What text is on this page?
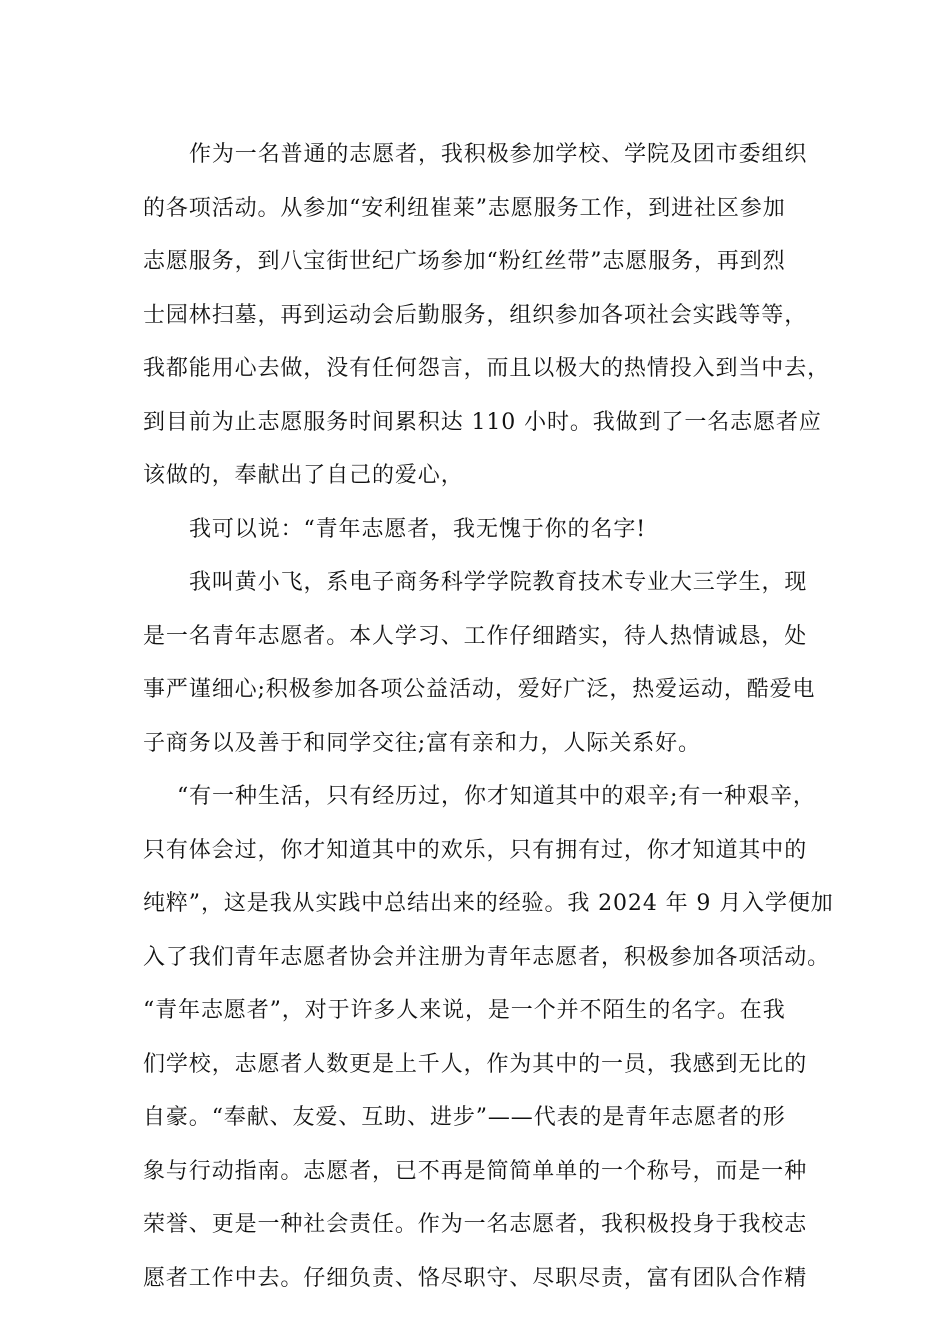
作为一名普通的志愿者，我积极参加学校、学院及团市委组织
的各项活动。从参加“安利纽崔莱”志愿服务工作，到进社区参加
志愿服务，到八宝街世纪广场参加“粉红丝带”志愿服务，再到烈
士园林扫墓，再到运动会后勤服务，组织参加各项社会实践等等，
我都能用心去做，没有任何怨言，而且以极大的热情投入到当中去，
到目前为止志愿服务时间累积达 110 小时。我做到了一名志愿者应
该做的，奉献出了自己的爱心，
我可以说：“青年志愿者，我无愧于你的名字!
我叫黄小飞，系电子商务科学学院教育技术专业大三学生，现
是一名青年志愿者。本人学习、工作仔细踏实，待人热情诚恳，处
事严谨细心;积极参加各项公益活动，爱好广泛，热爱运动，酷爱电
子商务以及善于和同学交往;富有亲和力，人际关系好。
“有一种生活，只有经历过，你才知道其中的艰辛;有一种艰辛，
只有体会过，你才知道其中的欢乐，只有拥有过，你才知道其中的
纯粹”，这是我从实践中总结出来的经验。我 2024 年 9 月入学便加
入了我们青年志愿者协会并注册为青年志愿者，积极参加各项活动。
“青年志愿者”，对于许多人来说，是一个并不陌生的名字。在我
们学校，志愿者人数更是上千人，作为其中的一员，我感到无比的
自豪。“奉献、友爱、互助、进步”——代表的是青年志愿者的形
象与行动指南。志愿者，已不再是简简单单的一个称号，而是一种
荣誉、更是一种社会责任。作为一名志愿者，我积极投身于我校志
愿者工作中去。仔细负责、恪尽职守、尽职尽责，富有团队合作精
